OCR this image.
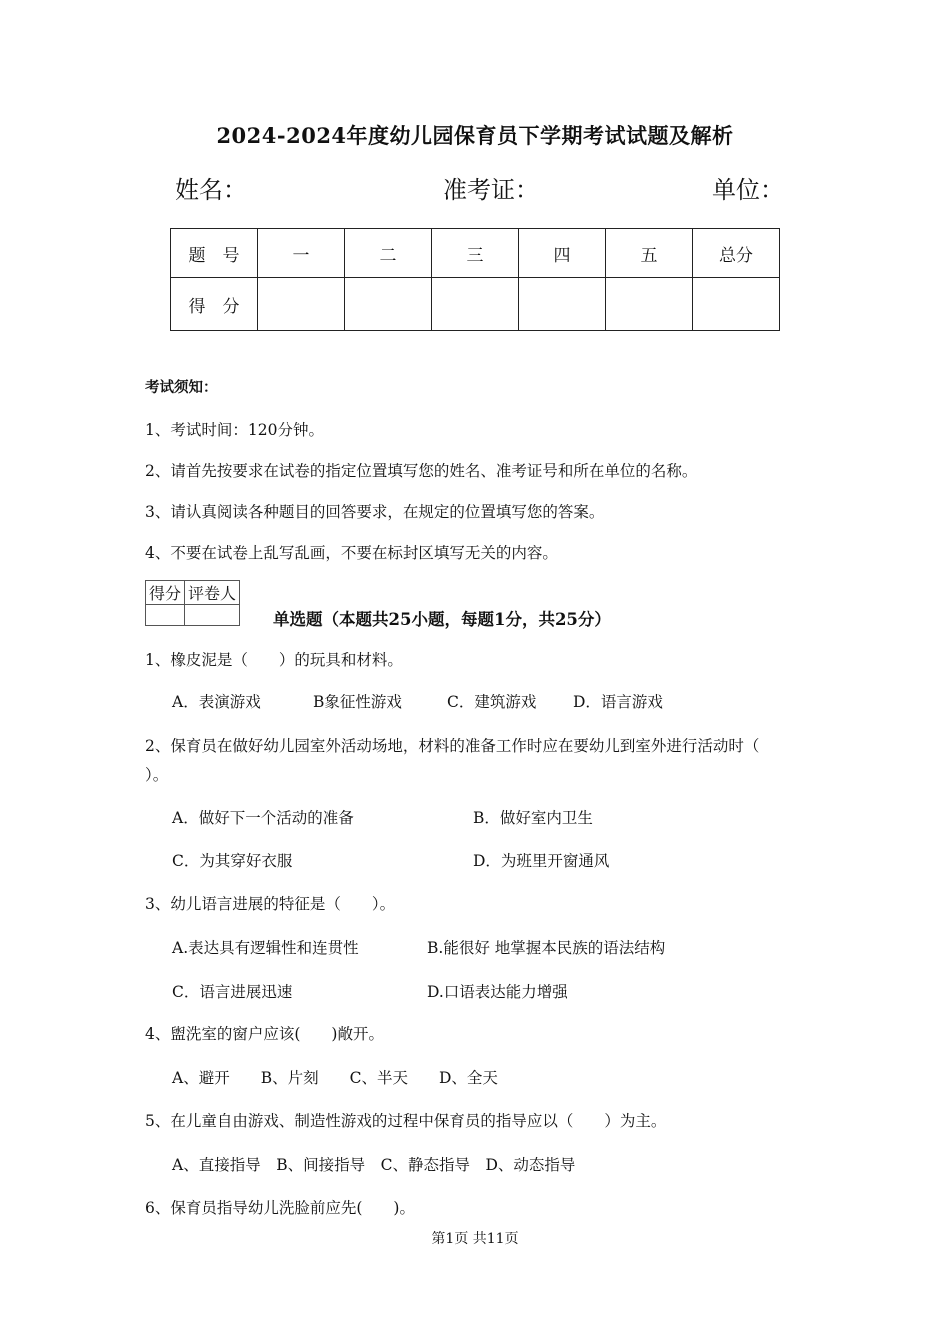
2024-2024年度幼儿园保育员下学期考试试题及解析
姓名：	准考证：	单位：
题　号	一	二	三	四	五	总分
得　分						
考试须知：
1、考试时间：120分钟。
2、请首先按要求在试卷的指定位置填写您的姓名、准考证号和所在单位的名称。
3、请认真阅读各种题目的回答要求，在规定的位置填写您的答案。
4、不要在试卷上乱写乱画，不要在标封区填写无关的内容。
得分	评卷人

单选题（本题共25小题，每题1分，共25分）
1、橡皮泥是（　　）的玩具和材料。
A．表演游戏	B象征性游戏	C．建筑游戏 D．语言游戏
2、保育员在做好幼儿园室外活动场地，材料的准备工作时应在要幼儿到室外进行活动时（
）。
A．做好下一个活动的准备	B．做好室内卫生
C．为其穿好衣服	D．为班里开窗通风
3、幼儿语言进展的特征是（　　）。
A.表达具有逻辑性和连贯性	B.能很好 地掌握本民族的语法结构
C．语言进展迅速	D.口语表达能力增强
4、盥洗室的窗户应该(　　)敞开。
A、避开　　B、片刻　　C、半天　　D、全天
5、在儿童自由游戏、制造性游戏的过程中保育员的指导应以（　　）为主。
A、直接指导　B、间接指导　C、静态指导　D、动态指导
6、保育员指导幼儿洗脸前应先(　　)。
第1页 共11页
